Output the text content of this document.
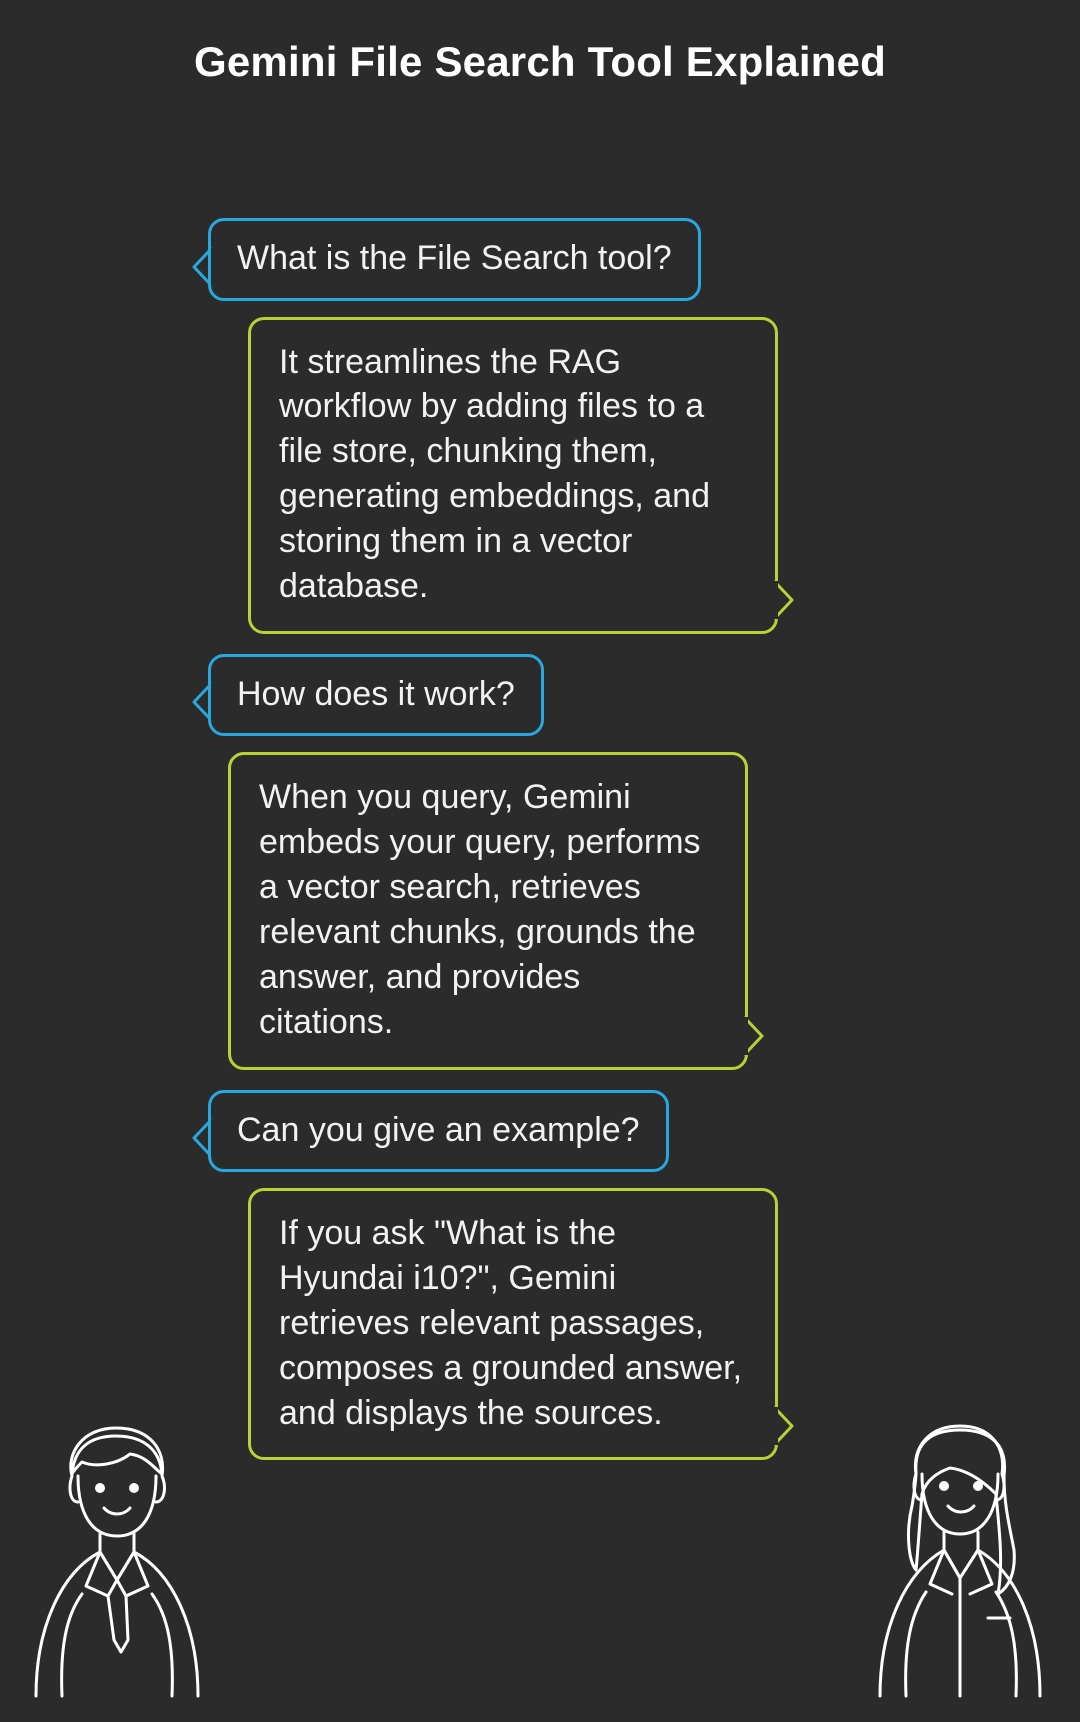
Gemini File Search Tool Explained
What is the File Search tool?
It streamlines the RAG workflow by adding files to a file store, chunking them, generating embeddings, and storing them in a vector database.
How does it work?
When you query, Gemini embeds your query, performs a vector search, retrieves relevant chunks, grounds the answer, and provides citations.
Can you give an example?
If you ask "What is the Hyundai i10?", Gemini retrieves relevant passages, composes a grounded answer, and displays the sources.
